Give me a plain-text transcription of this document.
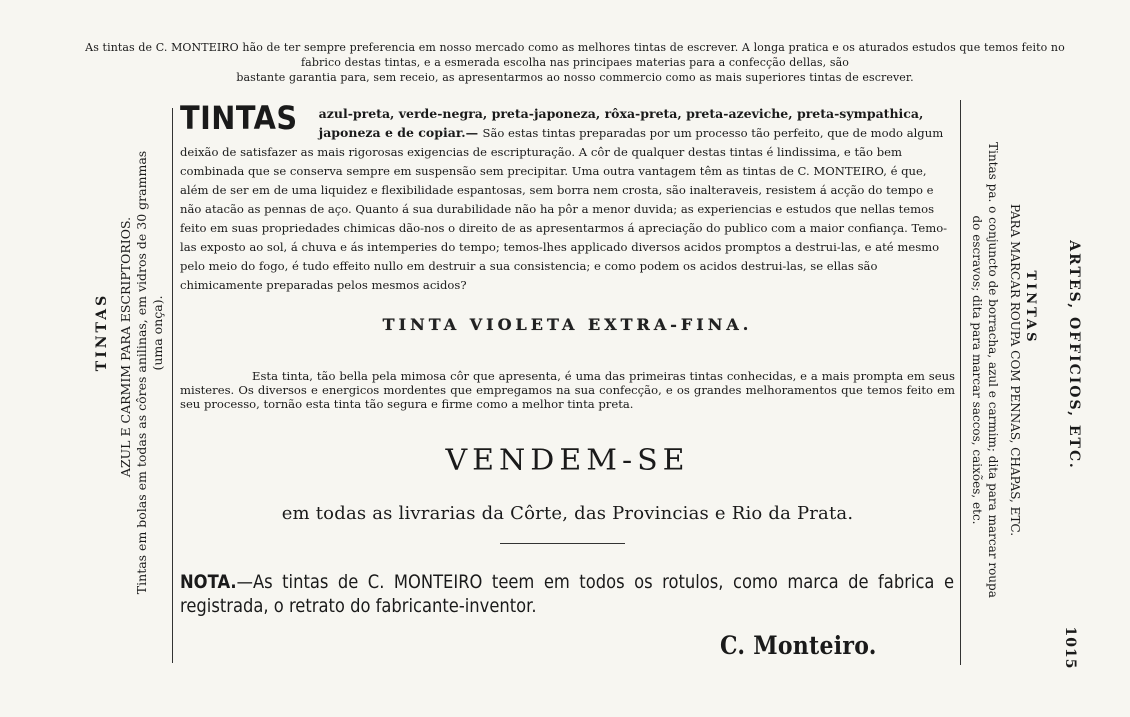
As tintas de C. MONTEIRO hão de ter sempre preferencia em nosso mercado como as melhores tintas de escrever. A longa pratica e os aturados estudos que temos feito no fabrico destas tintas, e a esmerada escolha nas principaes materias para a confecção dellas, são
bastante garantia para, sem receio, as apresentarmos ao nosso commercio como as mais superiores tintas de escrever.
TINTAS azul-preta, verde-negra, preta-japoneza, rôxa-preta, preta-azeviche, preta-sympathica, japoneza e de copiar.— São estas tintas preparadas por um processo tão perfeito, que de modo algum deixão de satisfazer as mais rigorosas exigencias de escripturação. A côr de qualquer destas tintas é lindissima, e tão bem combinada que se conserva sempre em suspensão sem precipitar. Uma outra vantagem têm as tintas de C. MONTEIRO, é que, além de ser em de uma liquidez e flexibilidade espantosas, sem borra nem crosta, são inalteraveis, resistem á acção do tempo e não atacão as pennas de aço. Quanto á sua durabilidade não ha pôr a menor duvida; as experiencias e estudos que nellas temos feito em suas propriedades chimicas dão-nos o direito de as apresentarmos á apreciação do publico com a maior confiança. Temo-las exposto ao sol, á chuva e ás intemperies do tempo; temos-lhes applicado diversos acidos promptos a destrui-las, e até mesmo pelo meio do fogo, é tudo effeito nullo em destruir a sua consistencia; e como podem os acidos destrui-las, se ellas são chimicamente preparadas pelos mesmos acidos?
TINTA VIOLETA EXTRA-FINA.
Esta tinta, tão bella pela mimosa côr que apresenta, é uma das primeiras tintas conhecidas, e a mais prompta em seus misteres. Os diversos e energicos mordentes que empregamos na sua confecção, e os grandes melhoramentos que temos feito em seu processo, tornão esta tinta tão segura e firme como a melhor tinta preta.
VENDEM-SE
em todas as livrarias da Côrte, das Provincias e Rio da Prata.
NOTA.—As tintas de C. MONTEIRO teem em todos os rotulos, como marca de fabrica e registrada, o retrato do fabricante-inventor.
C. Monteiro.
TINTAS AZUL E CARMIM PARA ESCRIPTORIOS. Tintas em bolas em todas as côres anilinas, em vidros de 30 grammas (uma onça).	Tintas pa. o conjuncto de borracha, azul e carmim; dita para marcar roupa
do escravos; dita para marcar saccos, caixões, etc.	TINTAS
PARA MARCAR ROUPA COM PENNAS, CHAPAS, ETC.	ARTES, OFFICIOS, ETC.
1015
